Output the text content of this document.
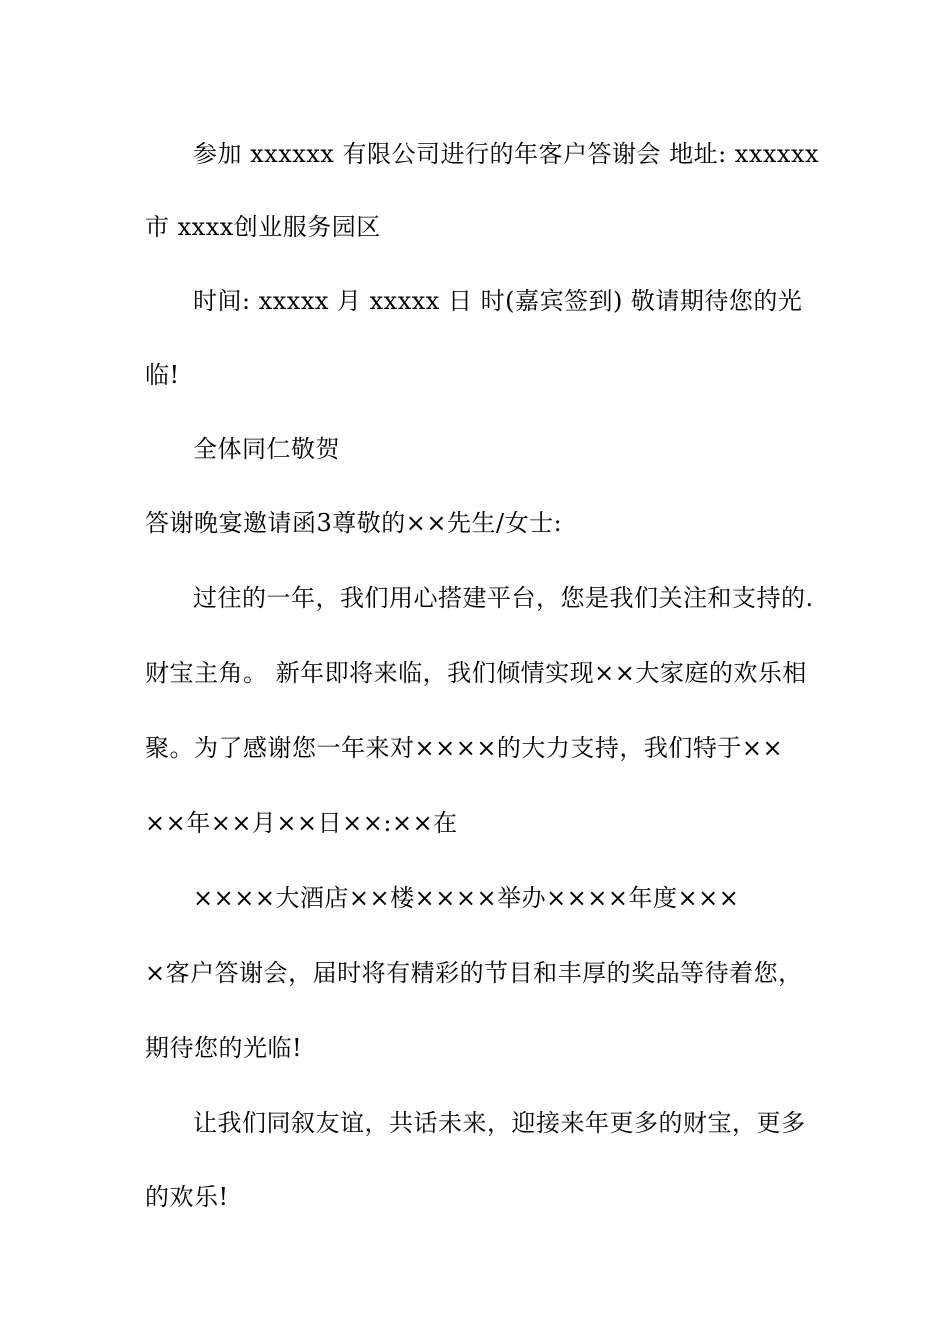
参加 xxxxxx 有限公司进行的年客户答谢会 地址: xxxxxx
市 xxxx创业服务园区
时间: xxxxx 月 xxxxx 日 时(嘉宾签到) 敬请期待您的光
临!
全体同仁敬贺
答谢晚宴邀请函3尊敬的××先生/女士:
过往的一年，我们用心搭建平台，您是我们关注和支持的.
财宝主角。 新年即将来临，我们倾情实现××大家庭的欢乐相
聚。为了感谢您一年来对××××的大力支持，我们特于××
××年××月××日××:××在
××××大酒店××楼××××举办××××年度×××
×客户答谢会，届时将有精彩的节目和丰厚的奖品等待着您，
期待您的光临!
让我们同叙友谊，共话未来，迎接来年更多的财宝，更多
的欢乐!
